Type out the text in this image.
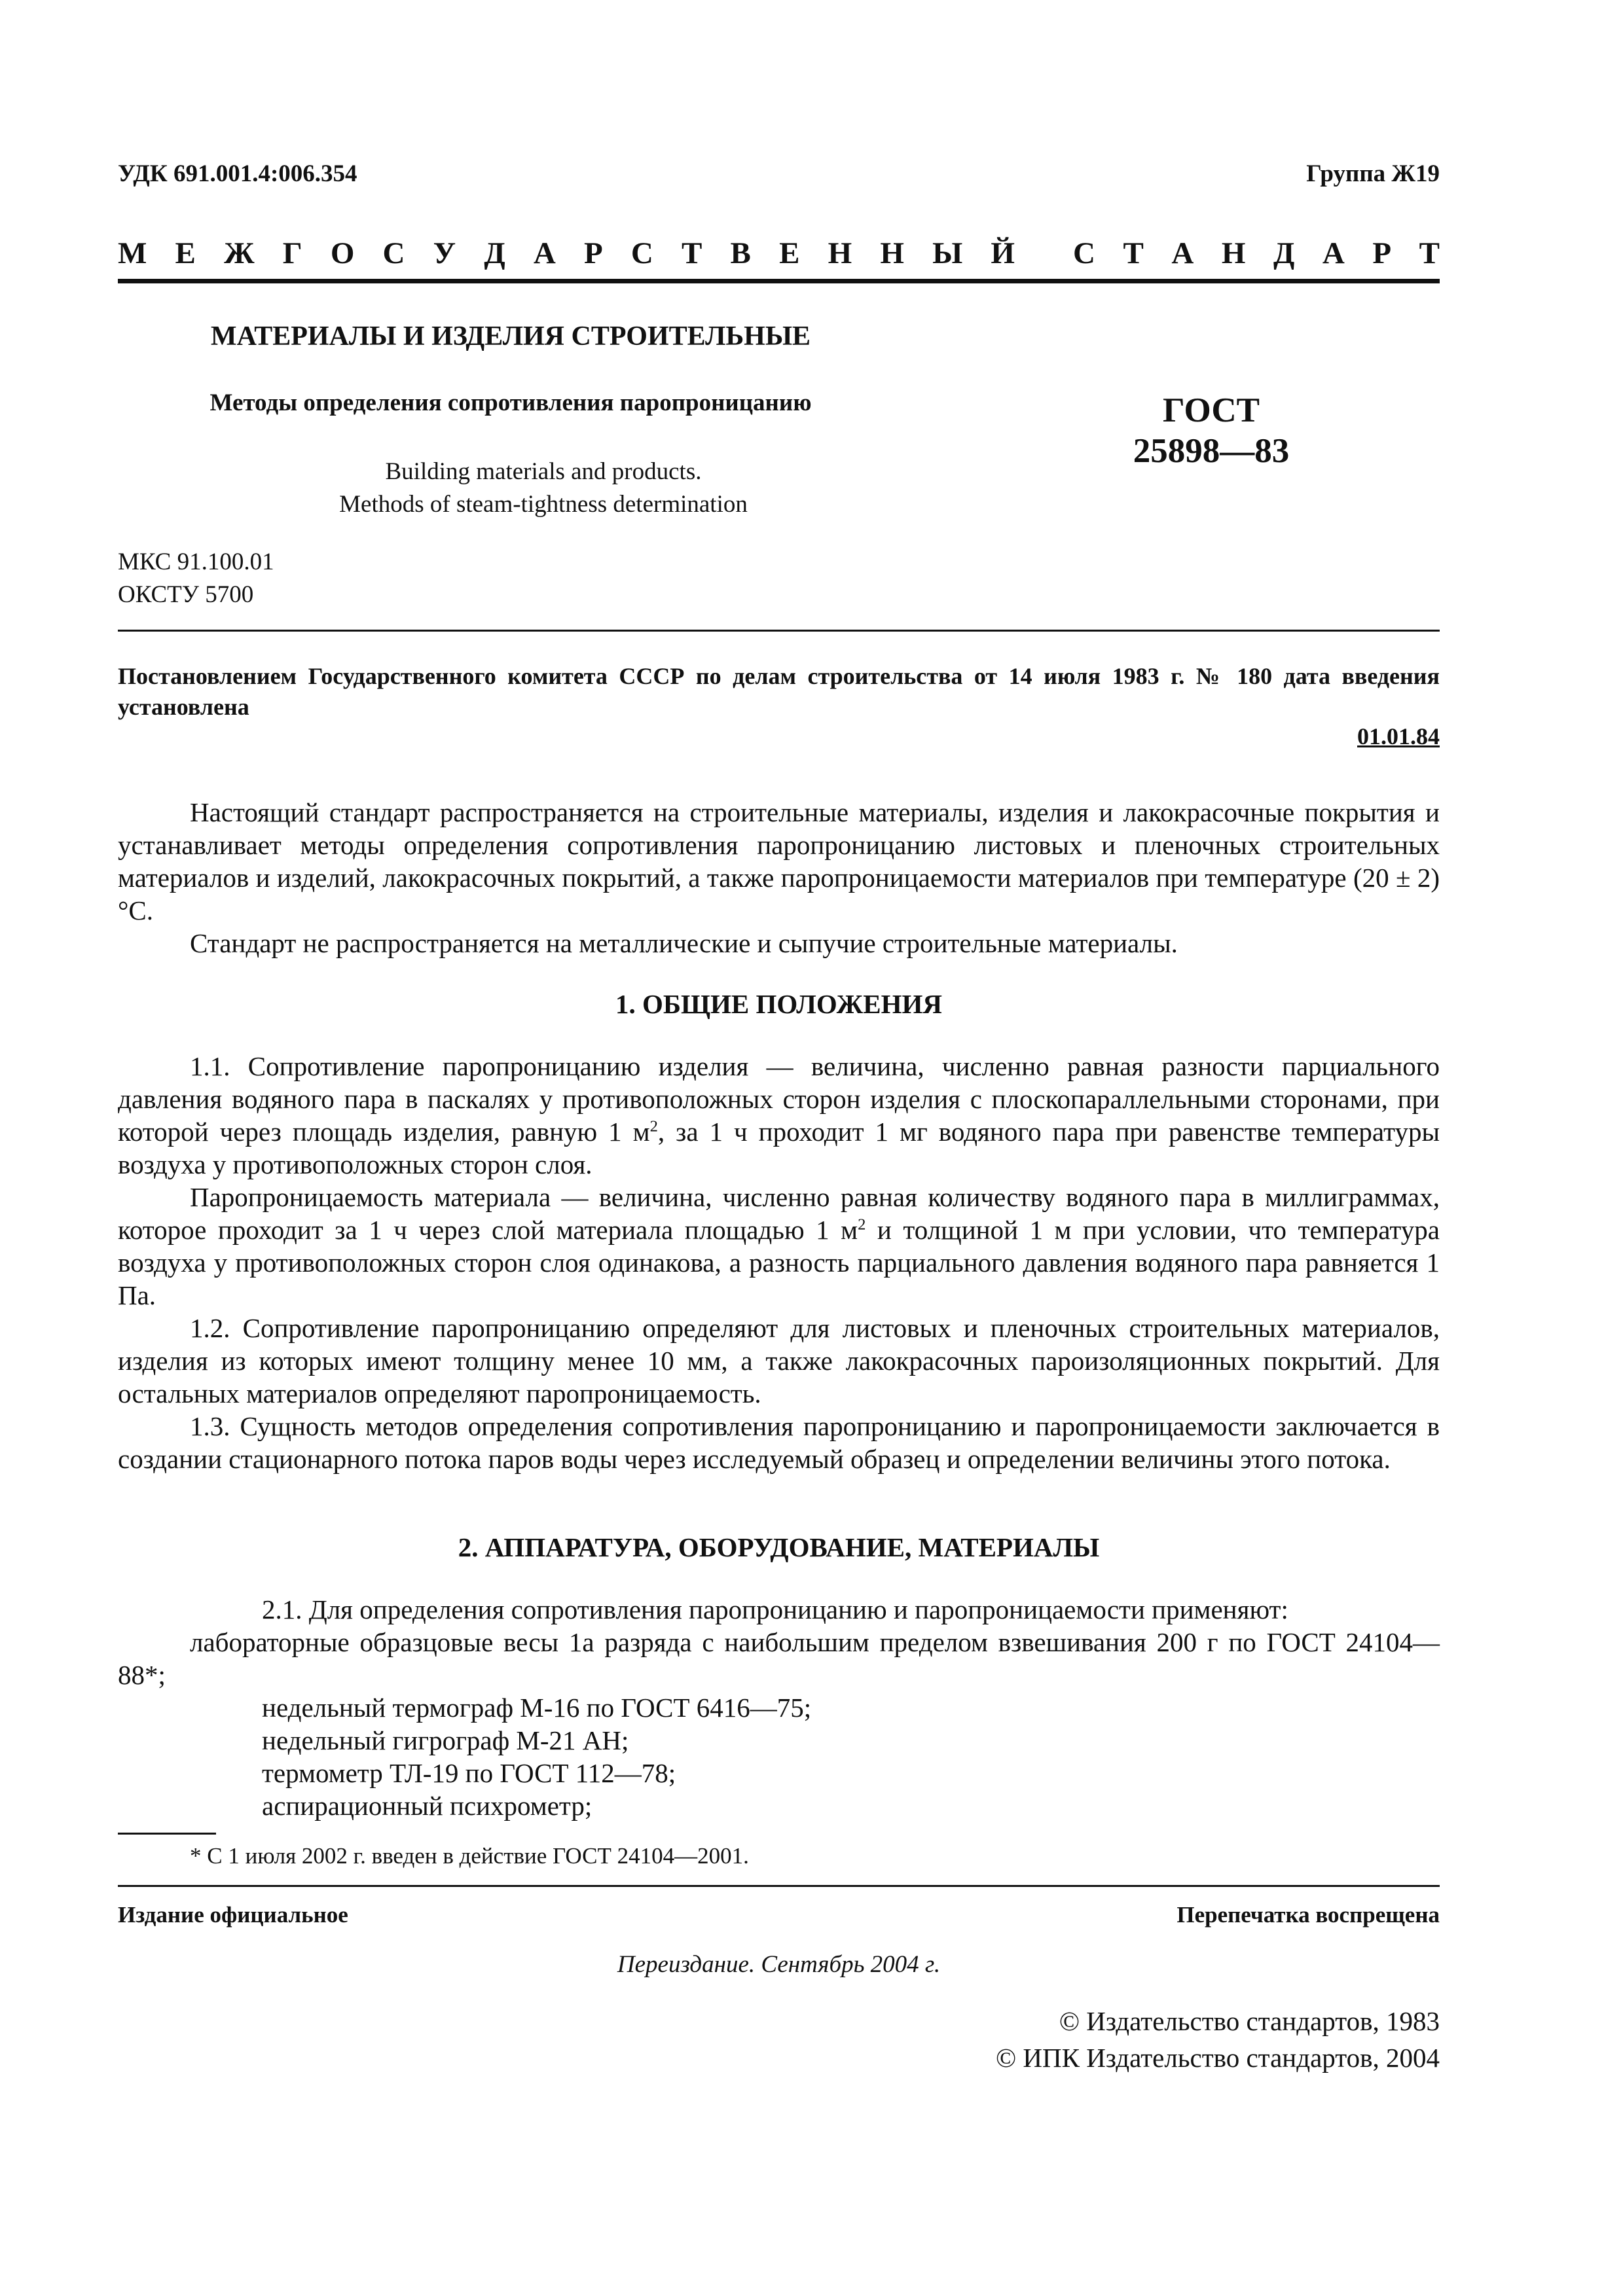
УДК 691.001.4:006.354	Группа Ж19
М Е Ж Г О С У Д А Р С Т В Е Н Н Ы Й С Т А Н Д А Р Т
МАТЕРИАЛЫ И ИЗДЕЛИЯ СТРОИТЕЛЬНЫЕ
Методы определения сопротивления паропроницанию
Building materials and products.
Methods of steam-tightness determination
ГОСТ
25898—83
МКС 91.100.01
ОКСТУ 5700
Постановлением Государственного комитета СССР по делам строительства от 14 июля 1983 г. № 180 дата введения установлена
01.01.84

Настоящий стандарт распространяется на строительные материалы, изделия и лакокрасочные покрытия и устанавливает методы определения сопротивления паропроницанию листовых и пленочных строительных материалов и изделий, лакокрасочных покрытий, а также паропроницаемости материалов при температуре (20 ± 2) °С.

Стандарт не распространяется на металлические и сыпучие строительные материалы.

1. ОБЩИЕ ПОЛОЖЕНИЯ

1.1. Сопротивление паропроницанию изделия — величина, численно равная разности парциального давления водяного пара в паскалях у противоположных сторон изделия с плоскопараллельными сторонами, при которой через площадь изделия, равную 1 $м^2$, за 1 ч проходит 1 мг водяного пара при равенстве температуры воздуха у противоположных сторон слоя.

Паропроницаемость материала — величина, численно равная количеству водяного пара в миллиграммах, которое проходит за 1 ч через слой материала площадью 1 $м^2$ и толщиной 1 м при условии, что температура воздуха у противоположных сторон слоя одинакова, а разность парциального давления водяного пара равняется 1 Па.

1.2. Сопротивление паропроницанию определяют для листовых и пленочных строительных материалов, изделия из которых имеют толщину менее 10 мм, а также лакокрасочных пароизоляционных покрытий. Для остальных материалов определяют паропроницаемость.

1.3. Сущность методов определения сопротивления паропроницанию и паропроницаемости заключается в создании стационарного потока паров воды через исследуемый образец и определении величины этого потока.

2. АППАРАТУРА, ОБОРУДОВАНИЕ, МАТЕРИАЛЫ

2.1. Для определения сопротивления паропроницанию и паропроницаемости применяют:

лабораторные образцовые весы 1а разряда с наибольшим пределом взвешивания 200 г по ГОСТ 24104—88*;

недельный термограф М-16 по ГОСТ 6416—75;

недельный гигрограф М-21 АН;

термометр ТЛ-19 по ГОСТ 112—78;

аспирационный психрометр;

* С 1 июля 2002 г. введен в действие ГОСТ 24104—2001.
Издание официальное	Перепечатка воспрещена
Переиздание. Сентябрь 2004 г.
© Издательство стандартов, 1983
© ИПК Издательство стандартов, 2004
